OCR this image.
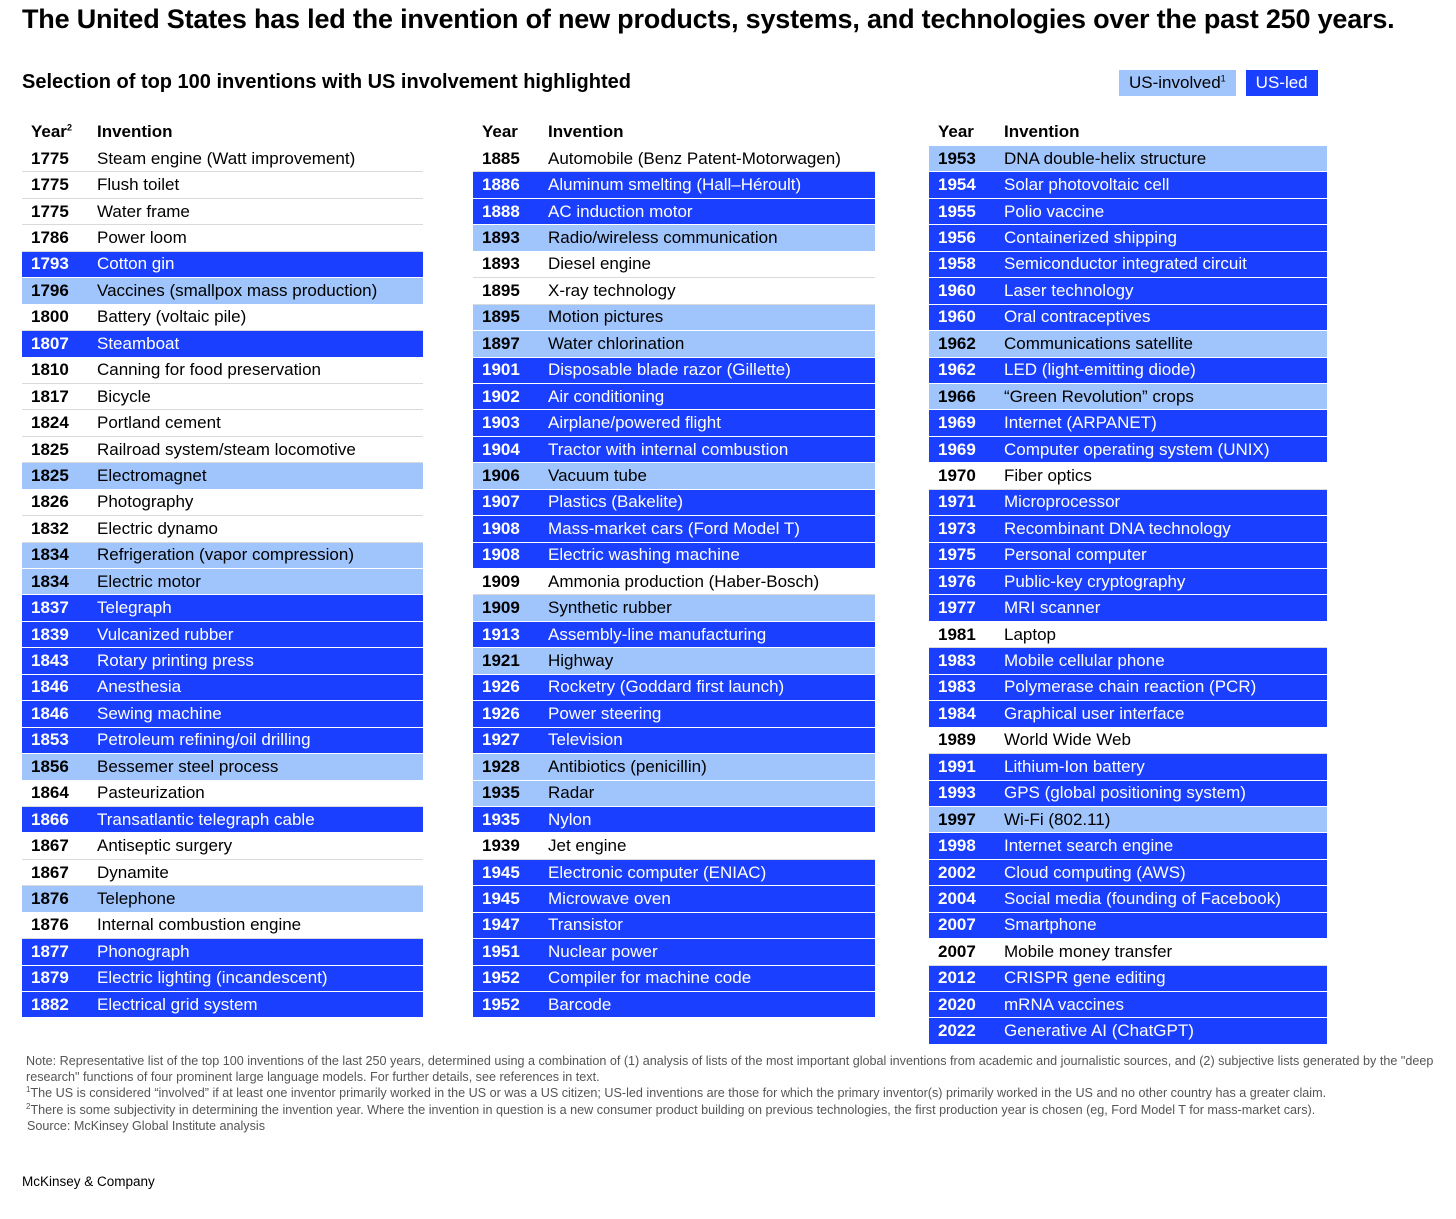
The United States has led the invention of new products, systems, and technologies over the past 250 years.
Selection of top 100 inventions with US involvement highlighted	US-involved$^1$	US-led
Year$^2$	Invention
1775	Steam engine (Watt improvement)
1775	Flush toilet
1775	Water frame
1786	Power loom
1793	Cotton gin
1796	Vaccines (smallpox mass production)
1800	Battery (voltaic pile)
1807	Steamboat
1810	Canning for food preservation
1817	Bicycle
1824	Portland cement
1825	Railroad system/steam locomotive
1825	Electromagnet
1826	Photography
1832	Electric dynamo
1834	Refrigeration (vapor compression)
1834	Electric motor
1837	Telegraph
1839	Vulcanized rubber
1843	Rotary printing press
1846	Anesthesia
1846	Sewing machine
1853	Petroleum refining/oil drilling
1856	Bessemer steel process
1864	Pasteurization
1866	Transatlantic telegraph cable
1867	Antiseptic surgery
1867	Dynamite
1876	Telephone
1876	Internal combustion engine
1877	Phonograph
1879	Electric lighting (incandescent)
1882	Electrical grid system
Year	Invention
1885	Automobile (Benz Patent-Motorwagen)
1886	Aluminum smelting (Hall–Héroult)
1888	AC induction motor
1893	Radio/wireless communication
1893	Diesel engine
1895	X-ray technology
1895	Motion pictures
1897	Water chlorination
1901	Disposable blade razor (Gillette)
1902	Air conditioning
1903	Airplane/powered flight
1904	Tractor with internal combustion
1906	Vacuum tube
1907	Plastics (Bakelite)
1908	Mass-market cars (Ford Model T)
1908	Electric washing machine
1909	Ammonia production (Haber-Bosch)
1909	Synthetic rubber
1913	Assembly-line manufacturing
1921	Highway
1926	Rocketry (Goddard first launch)
1926	Power steering
1927	Television
1928	Antibiotics (penicillin)
1935	Radar
1935	Nylon
1939	Jet engine
1945	Electronic computer (ENIAC)
1945	Microwave oven
1947	Transistor
1951	Nuclear power
1952	Compiler for machine code
1952	Barcode
Year	Invention
1953	DNA double-helix structure
1954	Solar photovoltaic cell
1955	Polio vaccine
1956	Containerized shipping
1958	Semiconductor integrated circuit
1960	Laser technology
1960	Oral contraceptives
1962	Communications satellite
1962	LED (light-emitting diode)
1966	“Green Revolution” crops
1969	Internet (ARPANET)
1969	Computer operating system (UNIX)
1970	Fiber optics
1971	Microprocessor
1973	Recombinant DNA technology
1975	Personal computer
1976	Public-key cryptography
1977	MRI scanner
1981	Laptop
1983	Mobile cellular phone
1983	Polymerase chain reaction (PCR)
1984	Graphical user interface
1989	World Wide Web
1991	Lithium-Ion battery
1993	GPS (global positioning system)
1997	Wi-Fi (802.11)
1998	Internet search engine
2002	Cloud computing (AWS)
2004	Social media (founding of Facebook)
2007	Smartphone
2007	Mobile money transfer
2012	CRISPR gene editing
2020	mRNA vaccines
2022	Generative AI (ChatGPT)
Note: Representative list of the top 100 inventions of the last 250 years, determined using a combination of (1) analysis of lists of the most important global inventions from academic and journalistic sources, and (2) subjective lists generated by the "deep research" functions of four prominent large language models. For further details, see references in text.
$^1$The US is considered “involved” if at least one inventor primarily worked in the US or was a US citizen; US-led inventions are those for which the primary inventor(s) primarily worked in the US and no other country has a greater claim.
$^2$There is some subjectivity in determining the invention year. Where the invention in question is a new consumer product building on previous technologies, the first production year is chosen (eg, Ford Model T for mass-market cars).
Source: McKinsey Global Institute analysis
McKinsey & Company
